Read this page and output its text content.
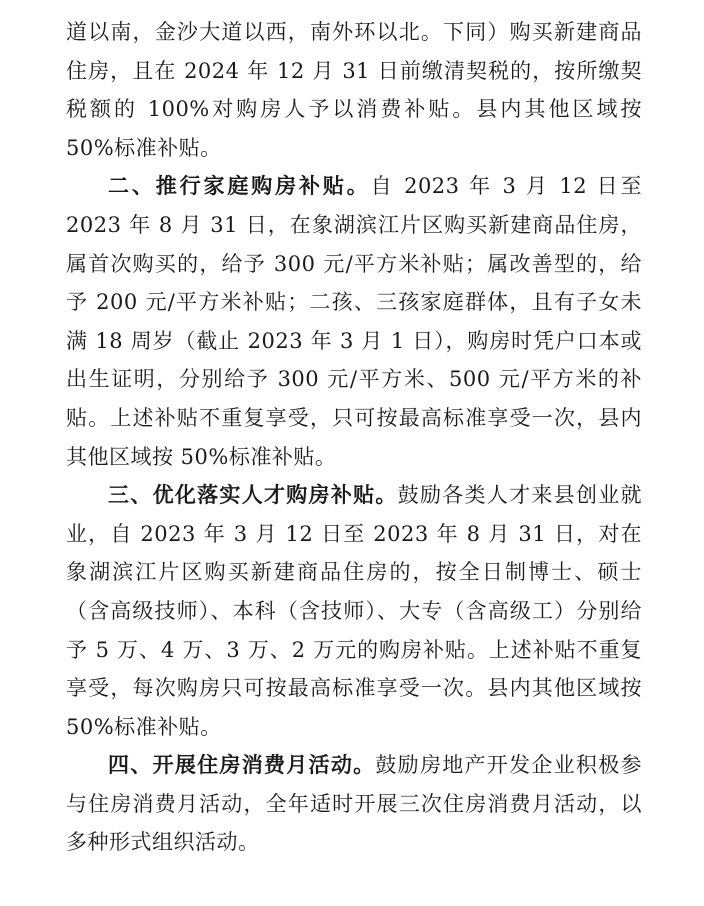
道以南，金沙大道以西，南外环以北。下同）购买新建商品住房，且在 2024 年 12 月 31 日前缴清契税的，按所缴契税额的 100%对购房人予以消费补贴。县内其他区域按 50%标准补贴。

二、推行家庭购房补贴。自 2023 年 3 月 12 日至 2023 年 8 月 31 日，在象湖滨江片区购买新建商品住房，属首次购买的，给予 300 元/平方米补贴；属改善型的，给予 200 元/平方米补贴；二孩、三孩家庭群体，且有子女未满 18 周岁（截止 2023 年 3 月 1 日），购房时凭户口本或出生证明，分别给予 300 元/平方米、500 元/平方米的补贴。上述补贴不重复享受，只可按最高标准享受一次，县内其他区域按 50%标准补贴。

三、优化落实人才购房补贴。鼓励各类人才来县创业就业，自 2023 年 3 月 12 日至 2023 年 8 月 31 日，对在象湖滨江片区购买新建商品住房的，按全日制博士、硕士（含高级技师）、本科（含技师）、大专（含高级工）分别给予 5 万、4 万、3 万、2 万元的购房补贴。上述补贴不重复享受，每次购房只可按最高标准享受一次。县内其他区域按 50%标准补贴。

四、开展住房消费月活动。鼓励房地产开发企业积极参与住房消费月活动，全年适时开展三次住房消费月活动，以多种形式组织活动。
